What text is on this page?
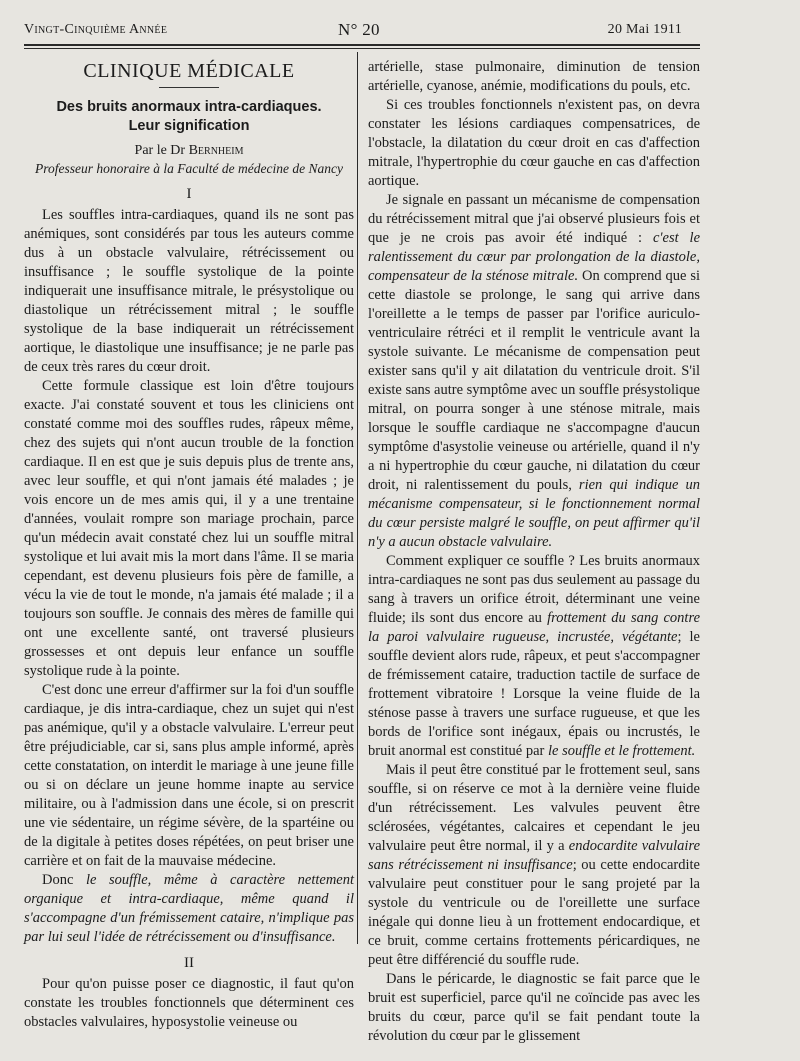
Vingt-Cinquième Année	N° 20	20 Mai 1911
CLINIQUE MÉDICALE
Des bruits anormaux intra-cardiaques.
Leur signification
Par le Dr Bernheim
Professeur honoraire à la Faculté de médecine de Nancy
I

Les souffles intra-cardiaques, quand ils ne sont pas anémiques, sont considérés par tous les auteurs comme dus à un obstacle valvulaire, rétrécissement ou insuffisance ; le souffle systolique de la pointe indiquerait une insuffisance mitrale, le présystolique ou diastolique un rétrécissement mitral ; le souffle systolique de la base indiquerait un rétrécissement aortique, le diastolique une insuffisance; je ne parle pas de ceux très rares du cœur droit.

Cette formule classique est loin d'être toujours exacte. J'ai constaté souvent et tous les cliniciens ont constaté comme moi des souffles rudes, râpeux même, chez des sujets qui n'ont aucun trouble de la fonction cardiaque. Il en est que je suis depuis plus de trente ans, avec leur souffle, et qui n'ont jamais été malades ; je vois encore un de mes amis qui, il y a une trentaine d'années, voulait rompre son mariage prochain, parce qu'un médecin avait constaté chez lui un souffle mitral systolique et lui avait mis la mort dans l'âme. Il se maria cependant, est devenu plusieurs fois père de famille, a vécu la vie de tout le monde, n'a jamais été malade ; il a toujours son souffle. Je connais des mères de famille qui ont une excellente santé, ont traversé plusieurs grossesses et ont depuis leur enfance un souffle systolique rude à la pointe.

C'est donc une erreur d'affirmer sur la foi d'un souffle cardiaque, je dis intra-cardiaque, chez un sujet qui n'est pas anémique, qu'il y a obstacle valvulaire. L'erreur peut être préjudiciable, car si, sans plus ample informé, après cette constatation, on interdit le mariage à une jeune fille ou si on déclare un jeune homme inapte au service militaire, ou à l'admission dans une école, si on prescrit une vie sédentaire, un régime sévère, de la spartéine ou de la digitale à petites doses répétées, on peut briser une carrière et on fait de la mauvaise médecine.

Donc le souffle, même à caractère nettement organique et intra-cardiaque, même quand il s'accompagne d'un frémissement cataire, n'implique pas par lui seul l'idée de rétrécissement ou d'insuffisance.

II

Pour qu'on puisse poser ce diagnostic, il faut qu'on constate les troubles fonctionnels que déterminent ces obstacles valvulaires, hyposystolie veineuse ou

artérielle, stase pulmonaire, diminution de tension artérielle, cyanose, anémie, modifications du pouls, etc.

Si ces troubles fonctionnels n'existent pas, on devra constater les lésions cardiaques compensatrices, de l'obstacle, la dilatation du cœur droit en cas d'affection mitrale, l'hypertrophie du cœur gauche en cas d'affection aortique.

Je signale en passant un mécanisme de compensation du rétrécissement mitral que j'ai observé plusieurs fois et que je ne crois pas avoir été indiqué : c'est le ralentissement du cœur par prolongation de la diastole, compensateur de la sténose mitrale. On comprend que si cette diastole se prolonge, le sang qui arrive dans l'oreillette a le temps de passer par l'orifice auriculo-ventriculaire rétréci et il remplit le ventricule avant la systole suivante. Le mécanisme de compensation peut exister sans qu'il y ait dilatation du ventricule droit. S'il existe sans autre symptôme avec un souffle présystolique mitral, on pourra songer à une sténose mitrale, mais lorsque le souffle cardiaque ne s'accompagne d'aucun symptôme d'asystolie veineuse ou artérielle, quand il n'y a ni hypertrophie du cœur gauche, ni dilatation du cœur droit, ni ralentissement du pouls, rien qui indique un mécanisme compensateur, si le fonctionnement normal du cœur persiste malgré le souffle, on peut affirmer qu'il n'y a aucun obstacle valvulaire.

Comment expliquer ce souffle ? Les bruits anormaux intra-cardiaques ne sont pas dus seulement au passage du sang à travers un orifice étroit, déterminant une veine fluide; ils sont dus encore au frottement du sang contre la paroi valvulaire rugueuse, incrustée, végétante; le souffle devient alors rude, râpeux, et peut s'accompagner de frémissement cataire, traduction tactile de surface de frottement vibratoire ! Lorsque la veine fluide de la sténose passe à travers une surface rugueuse, et que les bords de l'orifice sont inégaux, épais ou incrustés, le bruit anormal est constitué par le souffle et le frottement.

Mais il peut être constitué par le frottement seul, sans souffle, si on réserve ce mot à la dernière veine fluide d'un rétrécissement. Les valvules peuvent être sclérosées, végétantes, calcaires et cependant le jeu valvulaire peut être normal, il y a endocardite valvulaire sans rétrécissement ni insuffisance; ou cette endocardite valvulaire peut constituer pour le sang projeté par la systole du ventricule ou de l'oreillette une surface inégale qui donne lieu à un frottement endocardique, et ce bruit, comme certains frottements péricardiques, ne peut être différencié du souffle rude.

Dans le péricarde, le diagnostic se fait parce que le bruit est superficiel, parce qu'il ne coïncide pas avec les bruits du cœur, parce qu'il se fait pendant toute la révolution du cœur par le glissement
